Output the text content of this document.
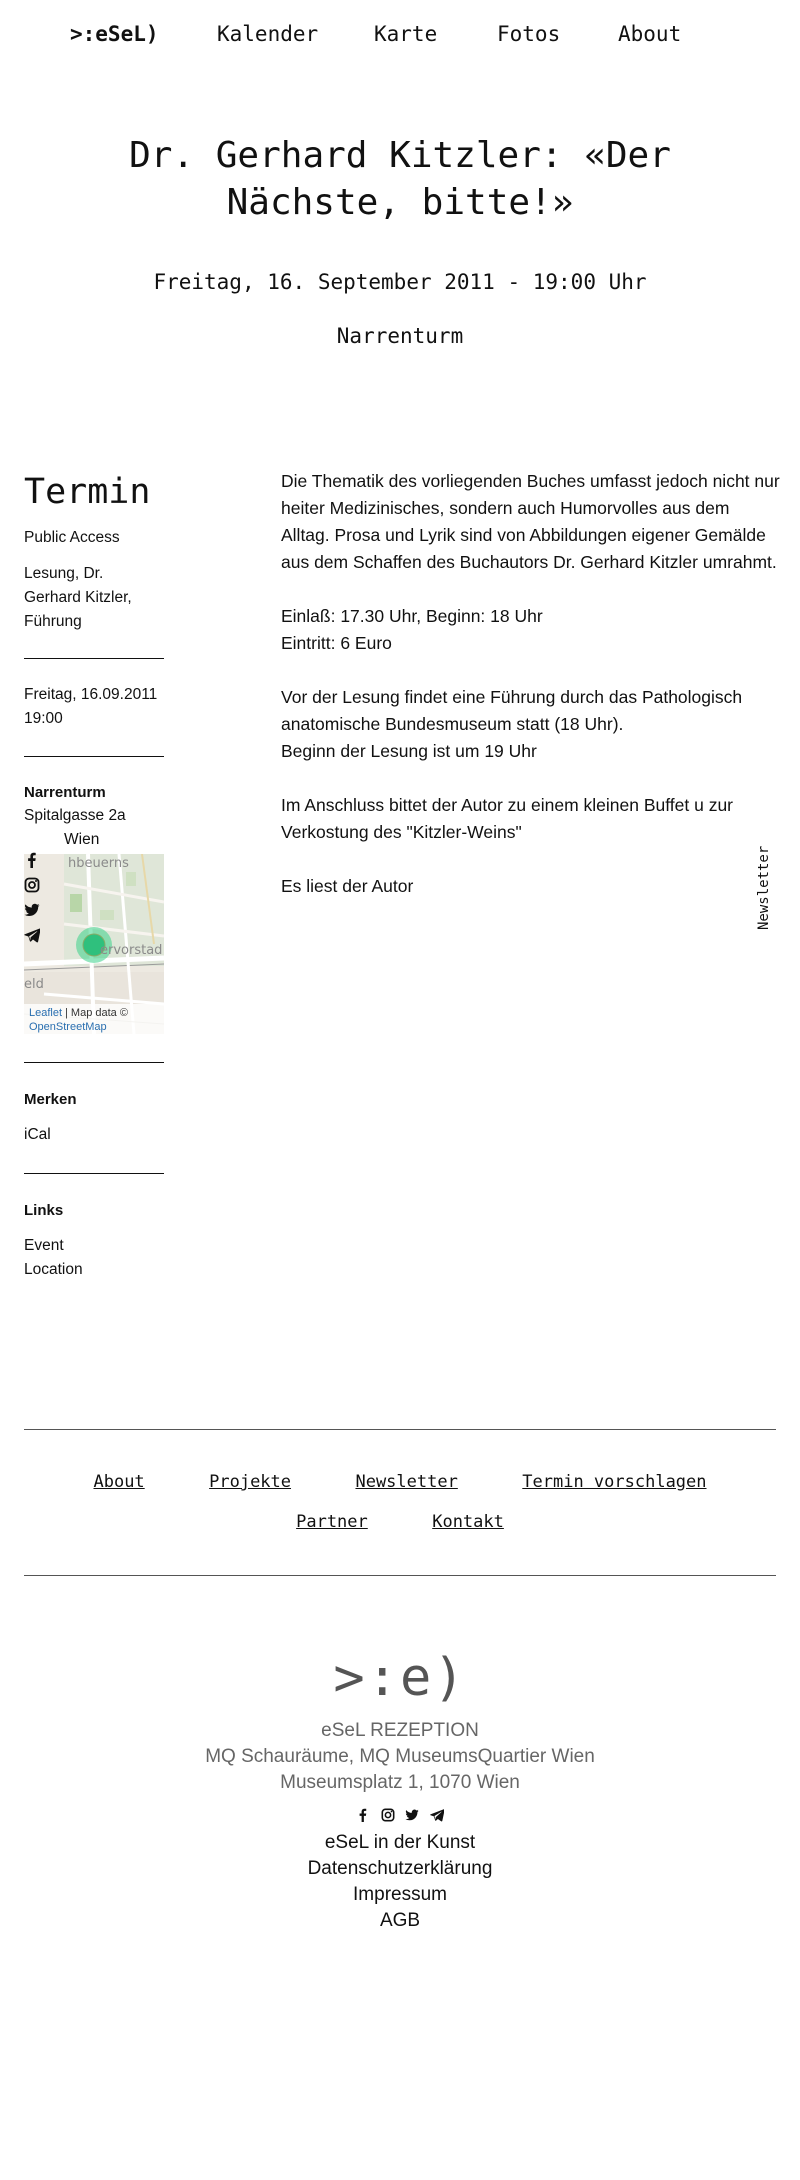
>:eSeL)	Kalender	Karte	Fotos	About
Dr. Gerhard Kitzler: «Der Nächste, bitte!»
Freitag, 16. September 2011 - 19:00 Uhr
Narrenturm
Termin
Public Access
Lesung, Dr. Gerhard Kitzler, Führung
Freitag, 16.09.2011
19:00
Narrenturm
Spitalgasse 2a
Wien
hbeuerns
ervorstad
eld
Leaflet | Map data ©
OpenStreetMap
Merken
iCal
Links
Event
Location

Die Thematik des vorliegenden Buches umfasst jedoch nicht nur heiter Medizinisches, sondern auch Humorvolles aus dem Alltag. Prosa und Lyrik sind von Abbildungen eigener Gemälde aus dem Schaffen des Buchautors Dr. Gerhard Kitzler umrahmt.

Einlaß: 17.30 Uhr, Beginn: 18 Uhr
Eintritt: 6 Euro

Vor der Lesung findet eine Führung durch das Pathologisch anatomische Bundesmuseum statt (18 Uhr).
Beginn der Lesung ist um 19 Uhr

Im Anschluss bittet der Autor zu einem kleinen Buffet u zur Verkostung des "Kitzler-Weins"

Es liest der Autor	Newsletter
About	Projekte	Newsletter	Termin vorschlagen
Partner	Kontakt
>:e)
eSeL REZEPTION
MQ Schauräume, MQ MuseumsQuartier Wien
Museumsplatz 1, 1070 Wien

eSeL in der Kunst
Datenschutzerklärung
Impressum
AGB
